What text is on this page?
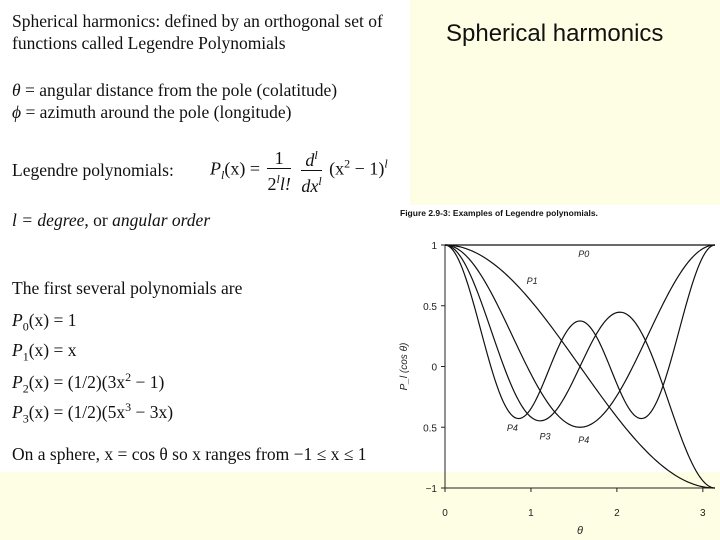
Spherical harmonics
Spherical harmonics: defined by an orthogonal set of
functions called Legendre Polynomials
θ = angular distance from the pole (colatitude)
ϕ = azimuth around the pole (longitude)
Legendre polynomials: $P_l(x) = \frac{1}{2^ll!}$
$\frac{d^l}{dx^l} (x^2 - 1)^l$
l = degree, or angular order
The first several polynomials are
$P_0(x) = 1$
$P_1(x) = x$
$P_2(x) = (1/2)(3x^2 - 1)$
$P_3(x) = (1/2)(5x^3 - 3x)$
On a sphere, x = cos θ so x ranges from −1 ≤ x ≤ 1
Figure 2.9-3: Examples of Legendre polynomials.
1
0.5
0
0.5
−1
0	1	2	3
θ
P_l (cos θ)
P0
P1
P4
P3	P4
